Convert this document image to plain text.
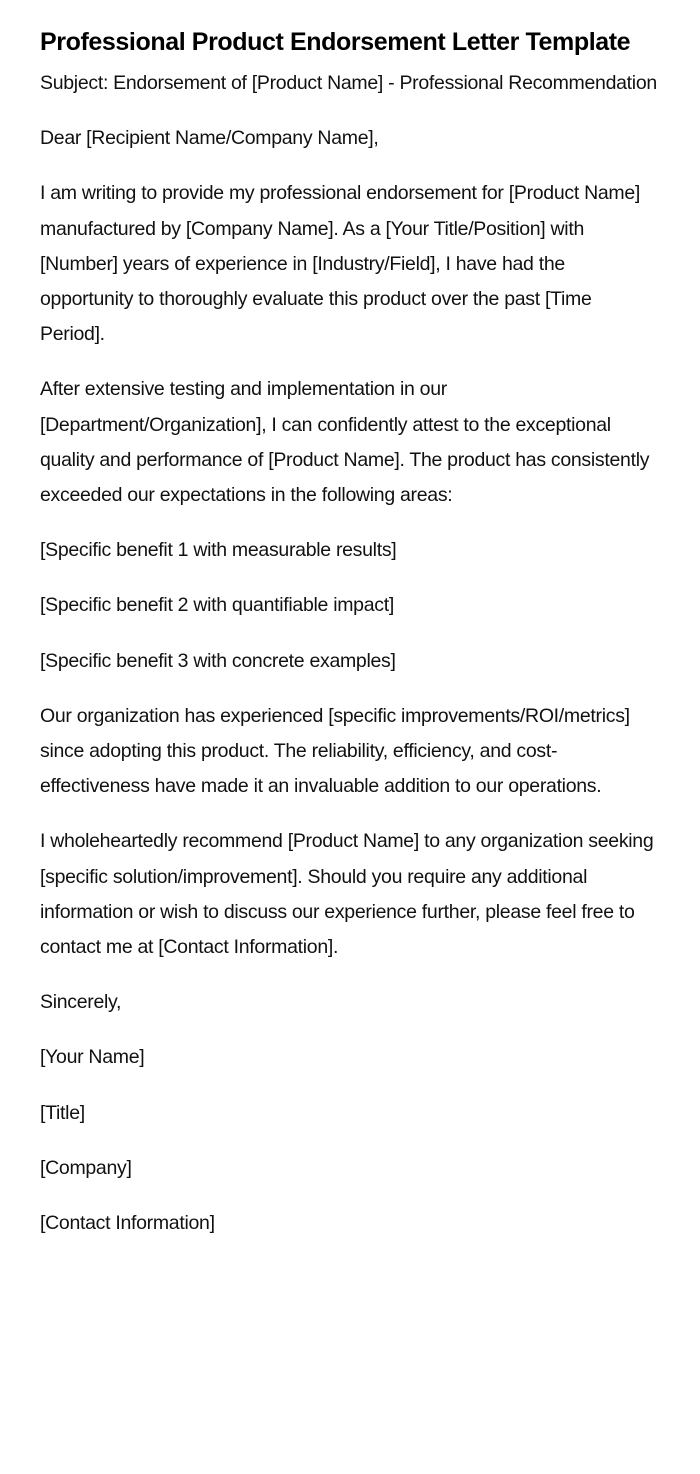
Professional Product Endorsement Letter Template

Subject: Endorsement of [Product Name] - Professional Recommendation

Dear [Recipient Name/Company Name],

I am writing to provide my professional endorsement for [Product Name] manufactured by [Company Name]. As a [Your Title/Position] with [Number] years of experience in [Industry/Field], I have had the opportunity to thoroughly evaluate this product over the past [Time Period].

After extensive testing and implementation in our [Department/Organization], I can confidently attest to the exceptional quality and performance of [Product Name]. The product has consistently exceeded our expectations in the following areas:

[Specific benefit 1 with measurable results]

[Specific benefit 2 with quantifiable impact]

[Specific benefit 3 with concrete examples]

Our organization has experienced [specific improvements/ROI/metrics] since adopting this product. The reliability, efficiency, and cost-effectiveness have made it an invaluable addition to our operations.

I wholeheartedly recommend [Product Name] to any organization seeking [specific solution/improvement]. Should you require any additional information or wish to discuss our experience further, please feel free to contact me at [Contact Information].

Sincerely,

[Your Name]

[Title]

[Company]

[Contact Information]
